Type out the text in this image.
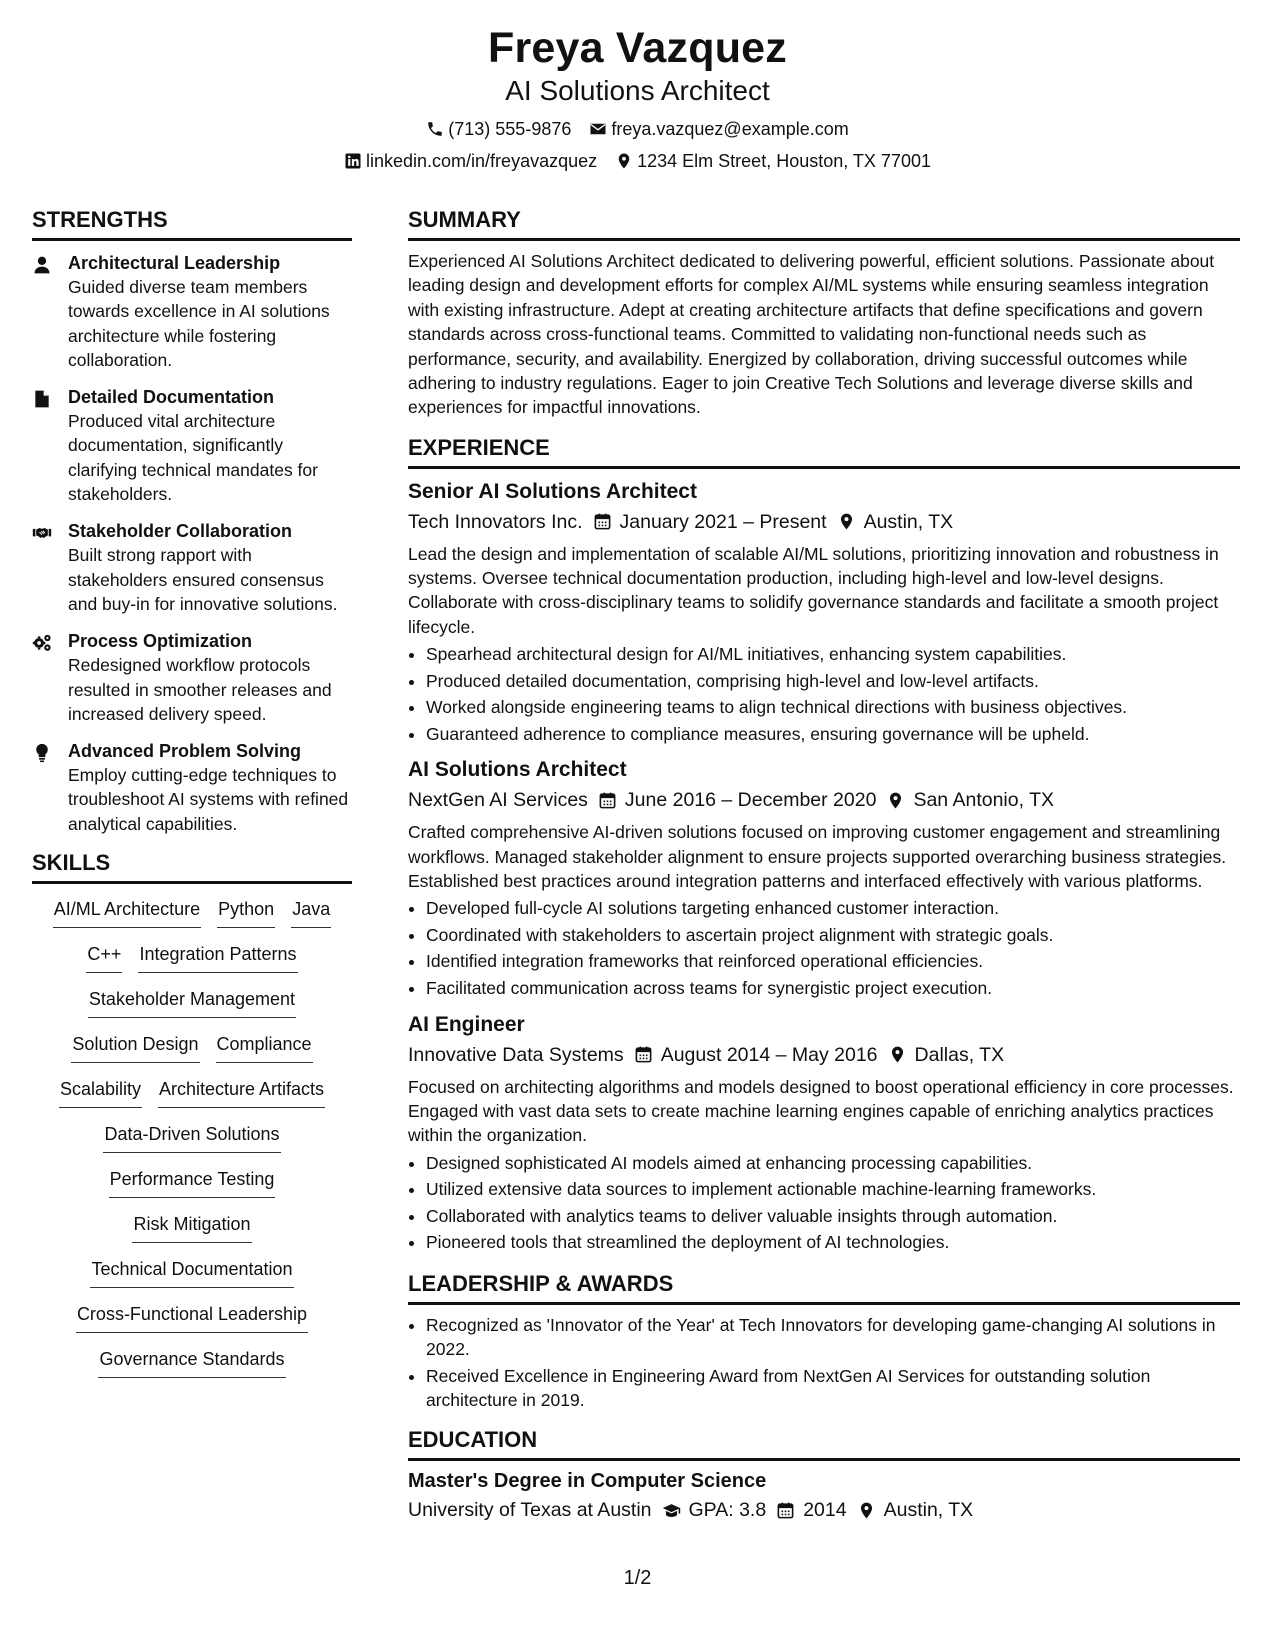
Freya Vazquez
AI Solutions Architect
(713) 555-9876 freya.vazquez@example.com
linkedin.com/in/freyavazquez 1234 Elm Street, Houston, TX 77001
STRENGTHS
Architectural Leadership
Guided diverse team members towards excellence in AI solutions architecture while fostering collaboration.
Detailed Documentation
Produced vital architecture documentation, significantly clarifying technical mandates for stakeholders.
Stakeholder Collaboration
Built strong rapport with stakeholders ensured consensus and buy-in for innovative solutions.
Process Optimization
Redesigned workflow protocols resulted in smoother releases and increased delivery speed.
Advanced Problem Solving
Employ cutting-edge techniques to troubleshoot AI systems with refined analytical capabilities.
SKILLS
AI/ML Architecture Python Java
C++ Integration Patterns
Stakeholder Management
Solution Design Compliance
Scalability Architecture Artifacts
Data-Driven Solutions
Performance Testing
Risk Mitigation
Technical Documentation
Cross-Functional Leadership
Governance Standards
SUMMARY
Experienced AI Solutions Architect dedicated to delivering powerful, efficient solutions. Passionate about leading design and development efforts for complex AI/ML systems while ensuring seamless integration with existing infrastructure. Adept at creating architecture artifacts that define specifications and govern standards across cross-functional teams. Committed to validating non-functional needs such as performance, security, and availability. Energized by collaboration, driving successful outcomes while adhering to industry regulations. Eager to join Creative Tech Solutions and leverage diverse skills and experiences for impactful innovations.
EXPERIENCE
Senior AI Solutions Architect
Tech Innovators Inc. January 2021 – Present Austin, TX
Lead the design and implementation of scalable AI/ML solutions, prioritizing innovation and robustness in systems. Oversee technical documentation production, including high-level and low-level designs. Collaborate with cross-disciplinary teams to solidify governance standards and facilitate a smooth project lifecycle.
• Spearhead architectural design for AI/ML initiatives, enhancing system capabilities.
• Produced detailed documentation, comprising high-level and low-level artifacts.
• Worked alongside engineering teams to align technical directions with business objectives.
• Guaranteed adherence to compliance measures, ensuring governance will be upheld.
AI Solutions Architect
NextGen AI Services June 2016 – December 2020 San Antonio, TX
Crafted comprehensive AI-driven solutions focused on improving customer engagement and streamlining workflows. Managed stakeholder alignment to ensure projects supported overarching business strategies. Established best practices around integration patterns and interfaced effectively with various platforms.
• Developed full-cycle AI solutions targeting enhanced customer interaction.
• Coordinated with stakeholders to ascertain project alignment with strategic goals.
• Identified integration frameworks that reinforced operational efficiencies.
• Facilitated communication across teams for synergistic project execution.
AI Engineer
Innovative Data Systems August 2014 – May 2016 Dallas, TX
Focused on architecting algorithms and models designed to boost operational efficiency in core processes. Engaged with vast data sets to create machine learning engines capable of enriching analytics practices within the organization.
• Designed sophisticated AI models aimed at enhancing processing capabilities.
• Utilized extensive data sources to implement actionable machine-learning frameworks.
• Collaborated with analytics teams to deliver valuable insights through automation.
• Pioneered tools that streamlined the deployment of AI technologies.
LEADERSHIP & AWARDS
• Recognized as 'Innovator of the Year' at Tech Innovators for developing game-changing AI solutions in 2022.
• Received Excellence in Engineering Award from NextGen AI Services for outstanding solution architecture in 2019.
EDUCATION
Master's Degree in Computer Science
University of Texas at Austin GPA: 3.8 2014 Austin, TX
1/2
